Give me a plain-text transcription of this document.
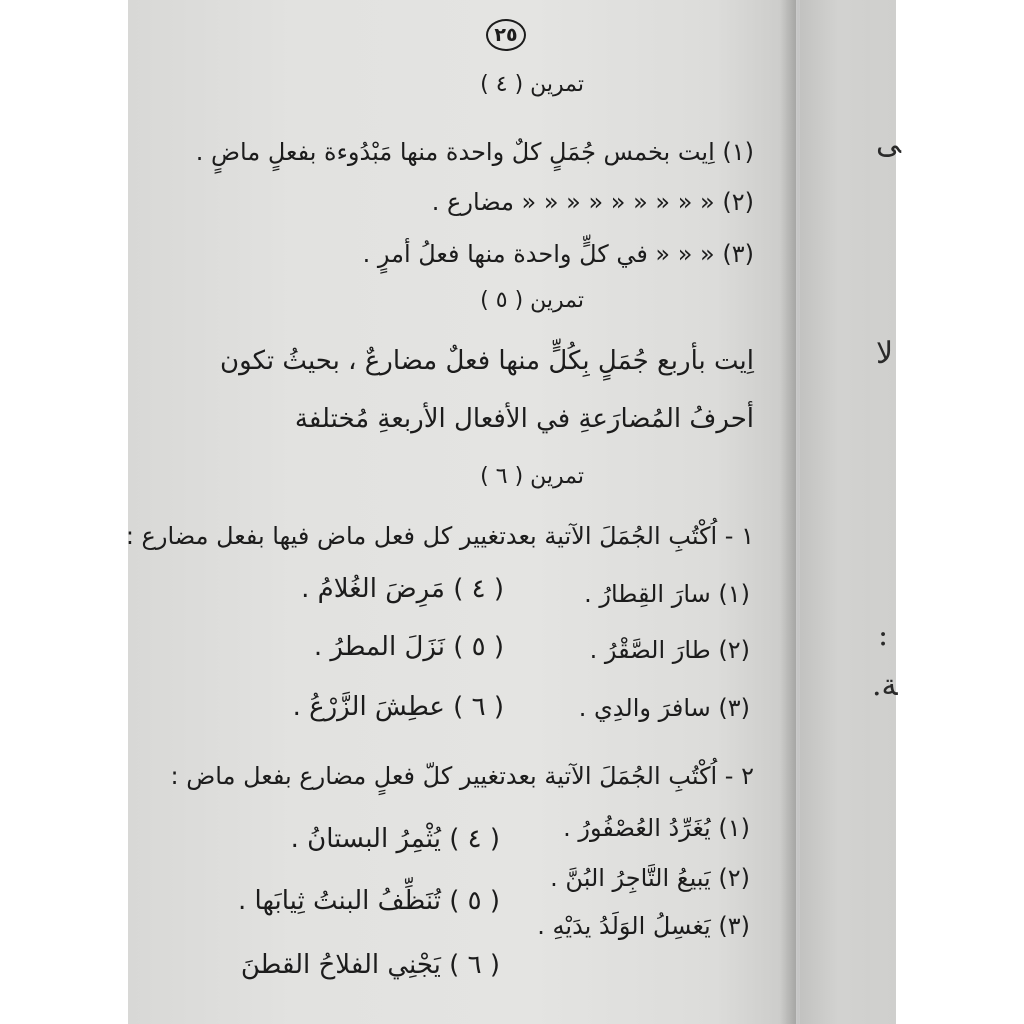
ﻰ
ﻻ
:
ﺔ.
٢٥
تمرين ( ٤ )
(١) اِيت بخمس جُمَلٍ كلٌ واحدة منها مَبْدُوءة بفعلٍ ماضٍ .
(٢) « « « « « « « « « مضارع .
(٣) « « « في كلٍّ واحدة منها فعلُ أمرٍ .
تمرين ( ٥ )
اِيت بأربع جُمَلٍ بِكُلٍّ منها فعلٌ مضارعٌ ، بحيثُ تكون
أحرفُ المُضارَعةِ في الأفعال الأربعةِ مُختلفة
تمرين ( ٦ )
١ - اُكْتُبِ الجُمَلَ الآتية بعدتغيير كل فعل ماض فيها بفعل مضارع :
(١) سارَ القِطارُ .
( ٤ ) مَرِضَ الغُلامُ .
(٢) طارَ الصَّقْرُ .
( ٥ ) نَزَلَ المطرُ .
(٣) سافرَ والدِي .
( ٦ ) عطِشَ الزَّرْعُ .
٢ - اُكْتُبِ الجُمَلَ الآتية بعدتغيير كلّ فعلٍ مضارع بفعل ماض :
(١) يُغَرِّدُ العُصْفُورُ .
( ٤ ) يُثْمِرُ البستانُ .
(٢) يَبيعُ التَّاجِرُ البُنَّ .
( ٥ ) تُنَظِّفُ البنتُ ثِيابَها .
(٣) يَغسِلُ الوَلَدُ يدَيْهِ .
( ٦ ) يَجْنِي الفلاحُ القطنَ
